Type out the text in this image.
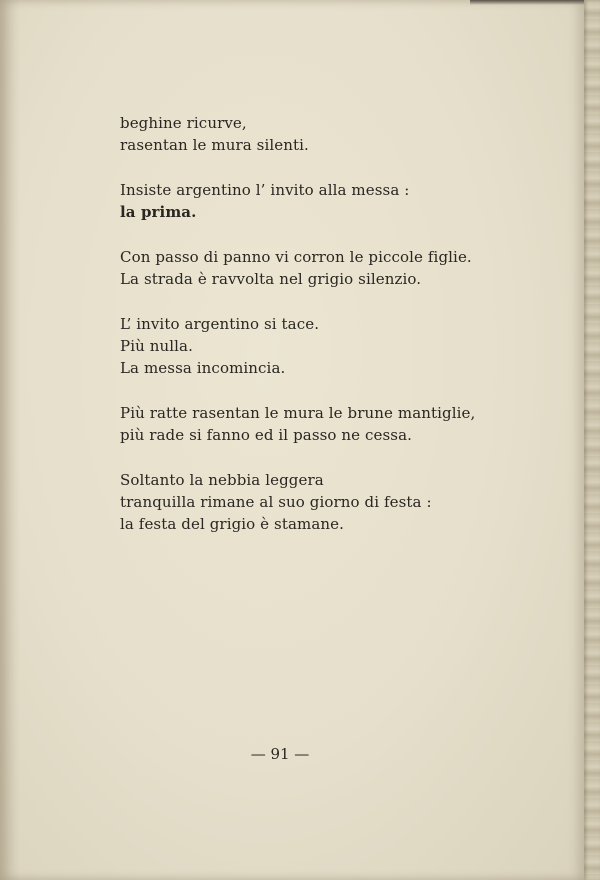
beghine ricurve,
rasentan le mura silenti.
Insiste argentino l’ invito alla messa :
la prima.
Con passo di panno vi corron le piccole figlie.
La strada è ravvolta nel grigio silenzio.
L’ invito argentino si tace.
Più nulla.
La messa incomincia.
Più ratte rasentan le mura le brune mantiglie,
più rade si fanno ed il passo ne cessa.
Soltanto la nebbia leggera
tranquilla rimane al suo giorno di festa :
la festa del grigio è stamane.
— 91 —
